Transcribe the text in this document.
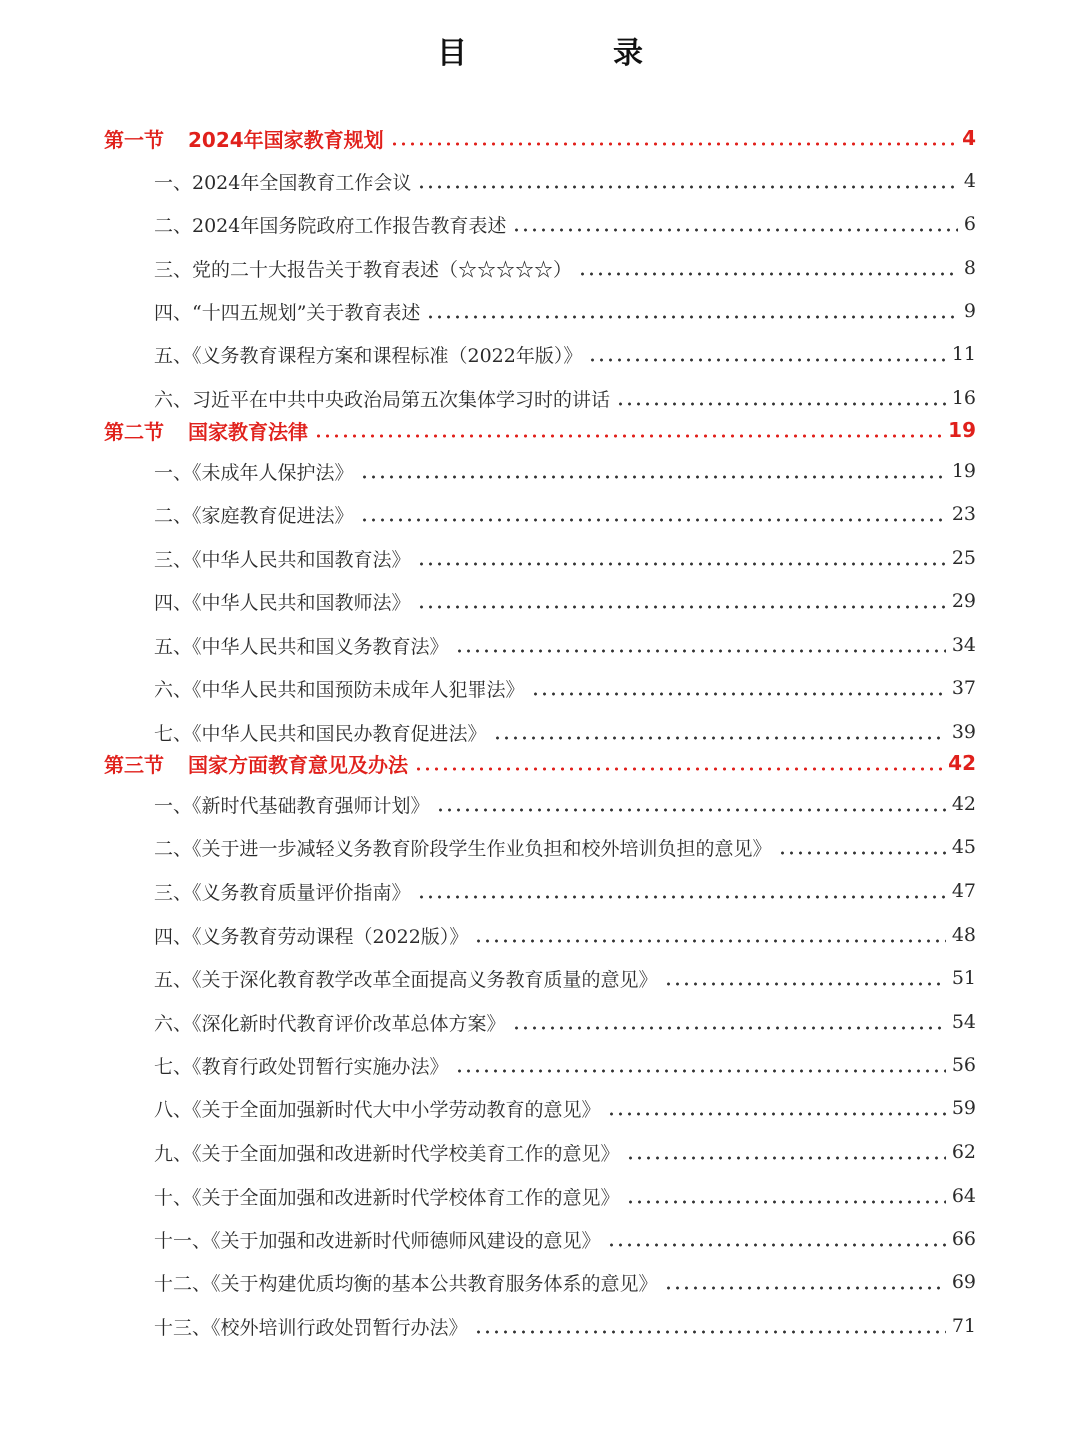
目　录
第一节 2024年国家教育规划	4
一、2024年全国教育工作会议	4
二、2024年国务院政府工作报告教育表述	6
三、党的二十大报告关于教育表述（☆☆☆☆☆）	8
四、“十四五规划”关于教育表述	9
五、《义务教育课程方案和课程标准（2022年版）》	11
六、习近平在中共中央政治局第五次集体学习时的讲话	16
第二节 国家教育法律	19
一、《未成年人保护法》	19
二、《家庭教育促进法》	23
三、《中华人民共和国教育法》	25
四、《中华人民共和国教师法》	29
五、《中华人民共和国义务教育法》	34
六、《中华人民共和国预防未成年人犯罪法》	37
七、《中华人民共和国民办教育促进法》	39
第三节 国家方面教育意见及办法	42
一、《新时代基础教育强师计划》	42
二、《关于进一步减轻义务教育阶段学生作业负担和校外培训负担的意见》	45
三、《义务教育质量评价指南》	47
四、《义务教育劳动课程（2022版）》	48
五、《关于深化教育教学改革全面提高义务教育质量的意见》	51
六、《深化新时代教育评价改革总体方案》	54
七、《教育行政处罚暂行实施办法》	56
八、《关于全面加强新时代大中小学劳动教育的意见》	59
九、《关于全面加强和改进新时代学校美育工作的意见》	62
十、《关于全面加强和改进新时代学校体育工作的意见》	64
十一、《关于加强和改进新时代师德师风建设的意见》	66
十二、《关于构建优质均衡的基本公共教育服务体系的意见》	69
十三、《校外培训行政处罚暂行办法》	71
